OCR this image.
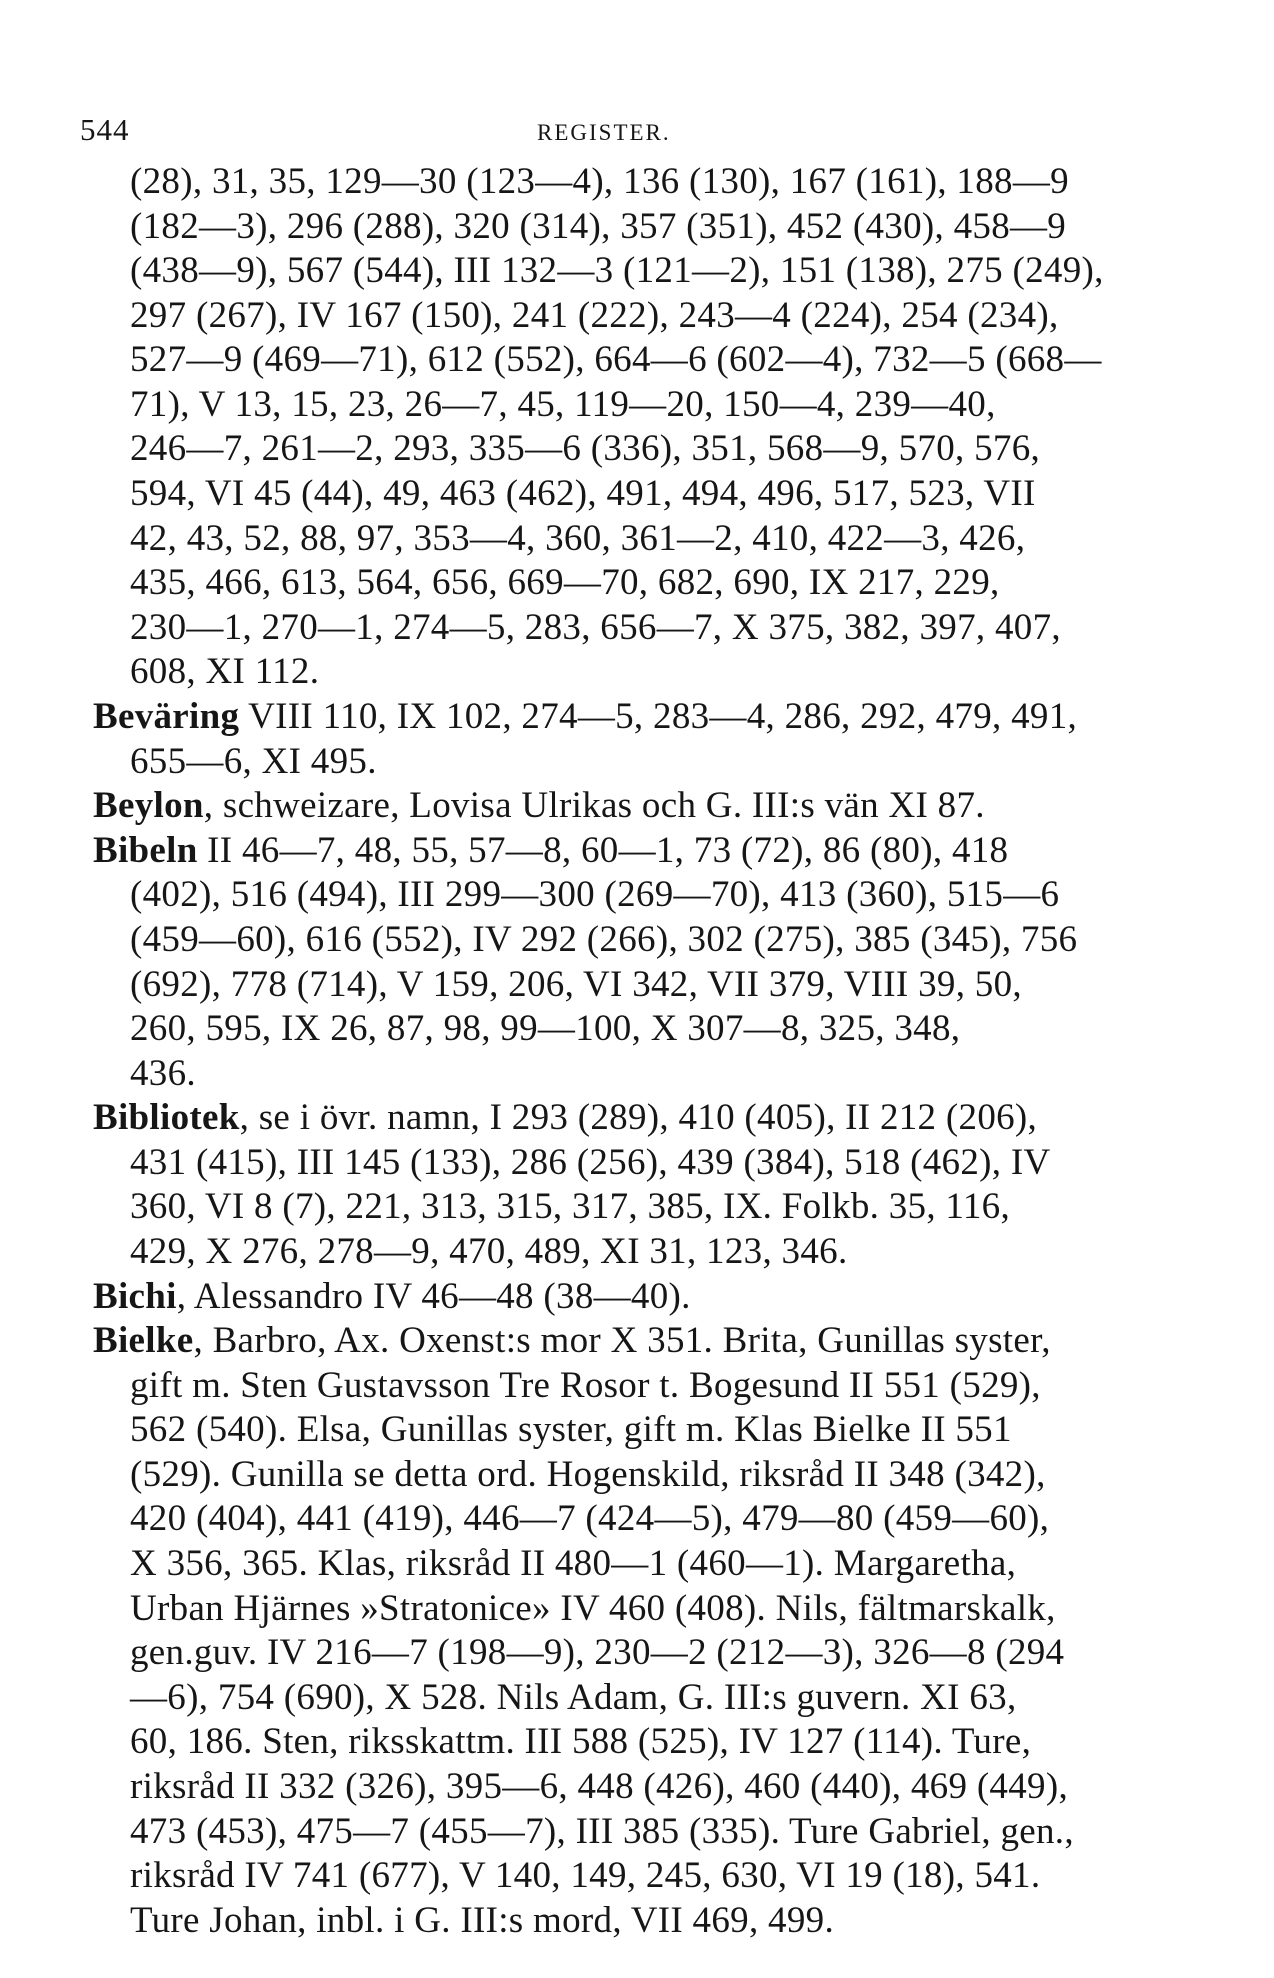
544	REGISTER.
(28), 31, 35, 129—30 (123—4), 136 (130), 167 (161), 188—9
(182—3), 296 (288), 320 (314), 357 (351), 452 (430), 458—9
(438—9), 567 (544), III 132—3 (121—2), 151 (138), 275 (249),
297 (267), IV 167 (150), 241 (222), 243—4 (224), 254 (234),
527—9 (469—71), 612 (552), 664—6 (602—4), 732—5 (668—
71), V 13, 15, 23, 26—7, 45, 119—20, 150—4, 239—40,
246—7, 261—2, 293, 335—6 (336), 351, 568—9, 570, 576,
594, VI 45 (44), 49, 463 (462), 491, 494, 496, 517, 523, VII
42, 43, 52, 88, 97, 353—4, 360, 361—2, 410, 422—3, 426,
435, 466, 613, 564, 656, 669—70, 682, 690, IX 217, 229,
230—1, 270—1, 274—5, 283, 656—7, X 375, 382, 397, 407,
608, XI 112.
Beväring VIII 110, IX 102, 274—5, 283—4, 286, 292, 479, 491,
655—6, XI 495.
Beylon, schweizare, Lovisa Ulrikas och G. III:s vän XI 87.
Bibeln II 46—7, 48, 55, 57—8, 60—1, 73 (72), 86 (80), 418
(402), 516 (494), III 299—300 (269—70), 413 (360), 515—6
(459—60), 616 (552), IV 292 (266), 302 (275), 385 (345), 756
(692), 778 (714), V 159, 206, VI 342, VII 379, VIII 39, 50,
260, 595, IX 26, 87, 98, 99—100, X 307—8, 325, 348,
436.
Bibliotek, se i övr. namn, I 293 (289), 410 (405), II 212 (206),
431 (415), III 145 (133), 286 (256), 439 (384), 518 (462), IV
360, VI 8 (7), 221, 313, 315, 317, 385, IX. Folkb. 35, 116,
429, X 276, 278—9, 470, 489, XI 31, 123, 346.
Bichi, Alessandro IV 46—48 (38—40).
Bielke, Barbro, Ax. Oxenst:s mor X 351. Brita, Gunillas syster,
gift m. Sten Gustavsson Tre Rosor t. Bogesund II 551 (529),
562 (540). Elsa, Gunillas syster, gift m. Klas Bielke II 551
(529). Gunilla se detta ord. Hogenskild, riksråd II 348 (342),
420 (404), 441 (419), 446—7 (424—5), 479—80 (459—60),
X 356, 365. Klas, riksråd II 480—1 (460—1). Margaretha,
Urban Hjärnes »Stratonice» IV 460 (408). Nils, fältmarskalk,
gen.guv. IV 216—7 (198—9), 230—2 (212—3), 326—8 (294
—6), 754 (690), X 528. Nils Adam, G. III:s guvern. XI 63,
60, 186. Sten, riksskattm. III 588 (525), IV 127 (114). Ture,
riksråd II 332 (326), 395—6, 448 (426), 460 (440), 469 (449),
473 (453), 475—7 (455—7), III 385 (335). Ture Gabriel, gen.,
riksråd IV 741 (677), V 140, 149, 245, 630, VI 19 (18), 541.
Ture Johan, inbl. i G. III:s mord, VII 469, 499.
